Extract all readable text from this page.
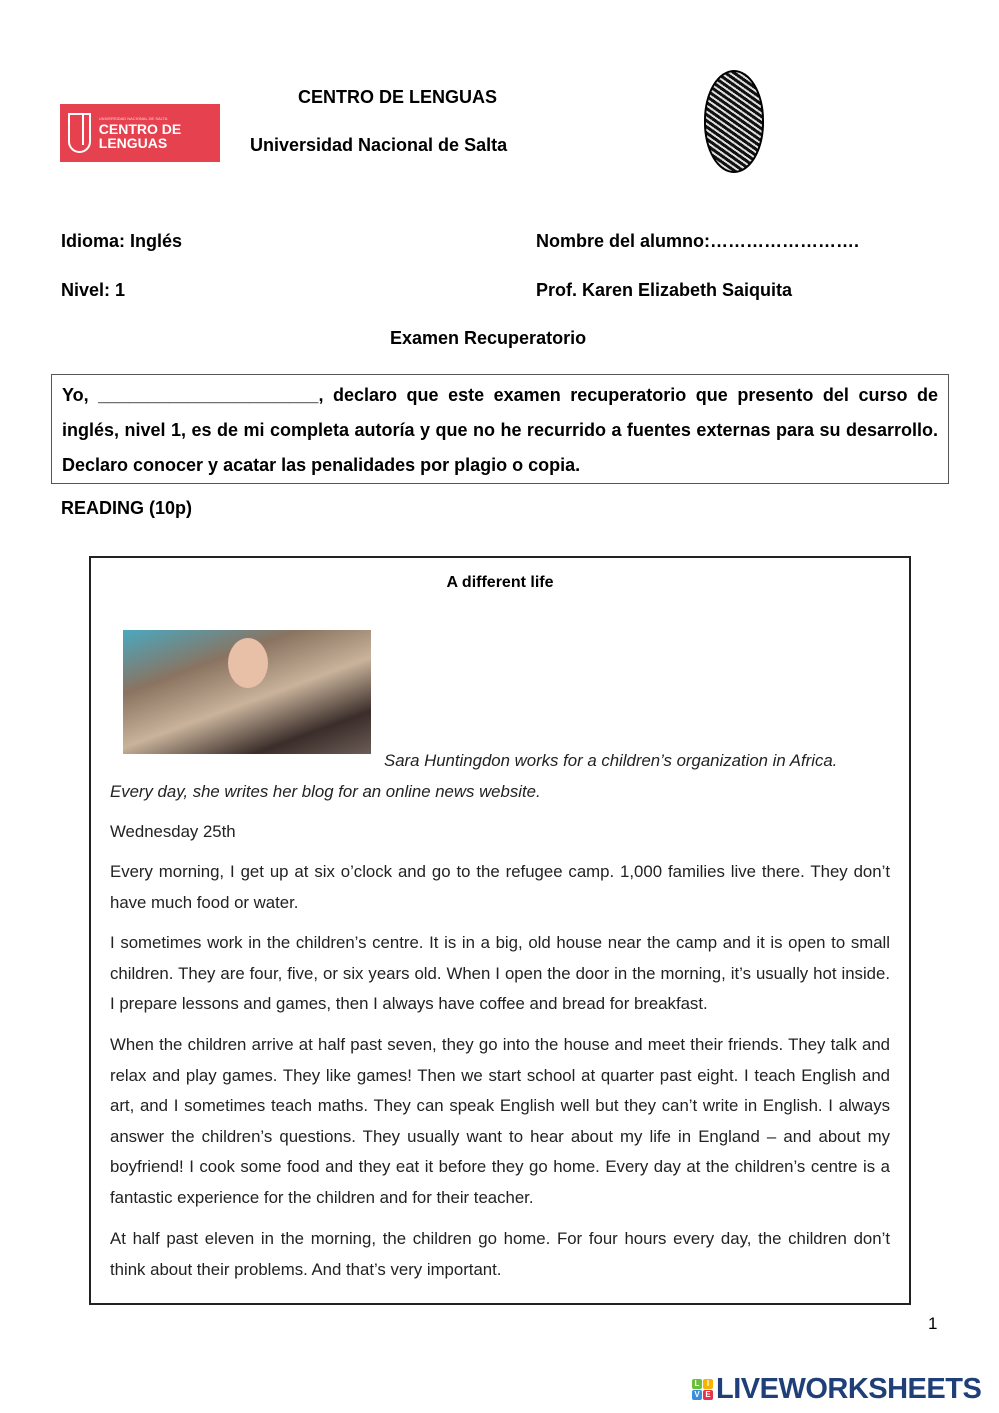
UNIVERSIDAD NACIONAL DE SALTA
CENTRO DE LENGUAS
CENTRO DE LENGUAS
Universidad Nacional de Salta
Idioma: Inglés
Nivel: 1
Nombre del alumno:…………………….
Prof. Karen Elizabeth Saiquita
Examen Recuperatorio
Yo, ______________________, declaro que este examen recuperatorio que presento del curso de inglés, nivel 1, es de mi completa autoría y que no he recurrido a fuentes externas para su desarrollo. Declaro conocer y acatar las penalidades por plagio o copia.
READING (10p)
A different life

Sara Huntingdon works for a children’s organization in Africa.

Every day, she writes her blog for an online news website.

Wednesday 25th

Every morning, I get up at six o’clock and go to the refugee camp. 1,000 families live there. They don’t have much food or water.

I sometimes work in the children’s centre. It is in a big, old house near the camp and it is open to small children. They are four, five, or six years old. When I open the door in the morning, it’s usually hot inside. I prepare lessons and games, then I always have coffee and bread for breakfast.

When the children arrive at half past seven, they go into the house and meet their friends. They talk and relax and play games. They like games! Then we start school at quarter past eight. I teach English and art, and I sometimes teach maths. They can speak English well but they can’t write in English. I always answer the children’s questions. They usually want to hear about my life in England – and about my boyfriend! I cook some food and they eat it before they go home. Every day at the children’s centre is a fantastic experience for the children and for their teacher.

At half past eleven in the morning, the children go home. For four hours every day, the children don’t think about their problems. And that’s very important.

1
L I
V E LIVEWORKSHEETS
